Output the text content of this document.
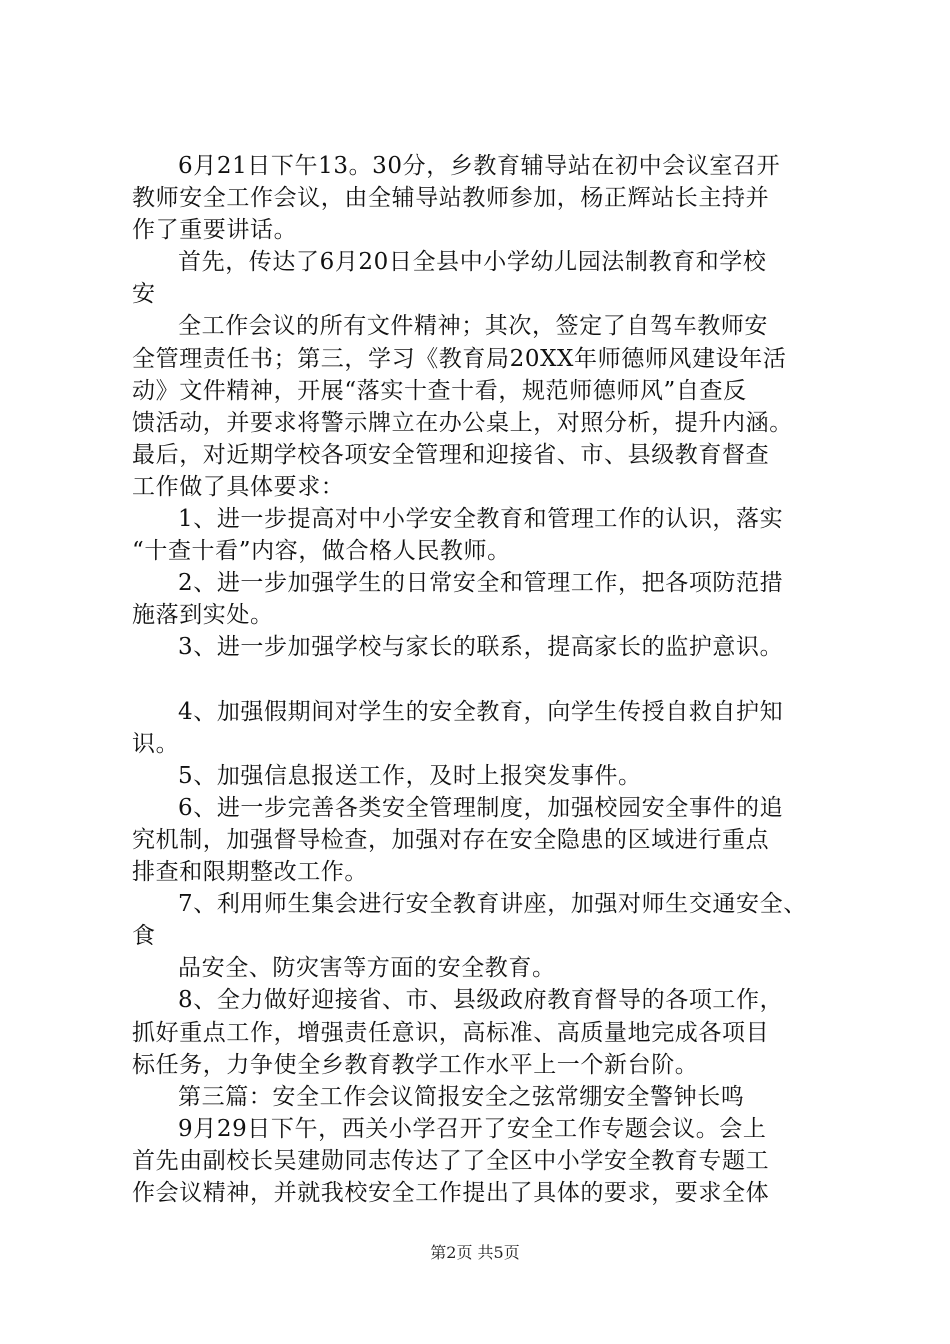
6月21日下午13。30分，乡教育辅导站在初中会议室召开
教师安全工作会议，由全辅导站教师参加，杨正辉站长主持并
作了重要讲话。
首先，传达了6月20日全县中小学幼儿园法制教育和学校
安
全工作会议的所有文件精神；其次，签定了自驾车教师安
全管理责任书；第三，学习《教育局20XX年师德师风建设年活
动》文件精神，开展“落实十查十看，规范师德师风”自查反
馈活动，并要求将警示牌立在办公桌上，对照分析，提升内涵。
最后，对近期学校各项安全管理和迎接省、市、县级教育督查
工作做了具体要求：
1、进一步提高对中小学安全教育和管理工作的认识，落实
“十查十看”内容，做合格人民教师。
2、进一步加强学生的日常安全和管理工作，把各项防范措
施落到实处。
3、进一步加强学校与家长的联系，提高家长的监护意识。
4、加强假期间对学生的安全教育，向学生传授自救自护知
识。
5、加强信息报送工作，及时上报突发事件。
6、进一步完善各类安全管理制度，加强校园安全事件的追
究机制，加强督导检查，加强对存在安全隐患的区域进行重点
排查和限期整改工作。
7、利用师生集会进行安全教育讲座，加强对师生交通安全、
食
品安全、防灾害等方面的安全教育。
8、全力做好迎接省、市、县级政府教育督导的各项工作，
抓好重点工作，增强责任意识，高标准、高质量地完成各项目
标任务，力争使全乡教育教学工作水平上一个新台阶。
第三篇：安全工作会议简报安全之弦常绷安全警钟长鸣
9月29日下午，西关小学召开了安全工作专题会议。会上
首先由副校长吴建勋同志传达了了全区中小学安全教育专题工
作会议精神，并就我校安全工作提出了具体的要求，要求全体
第2页 共5页
